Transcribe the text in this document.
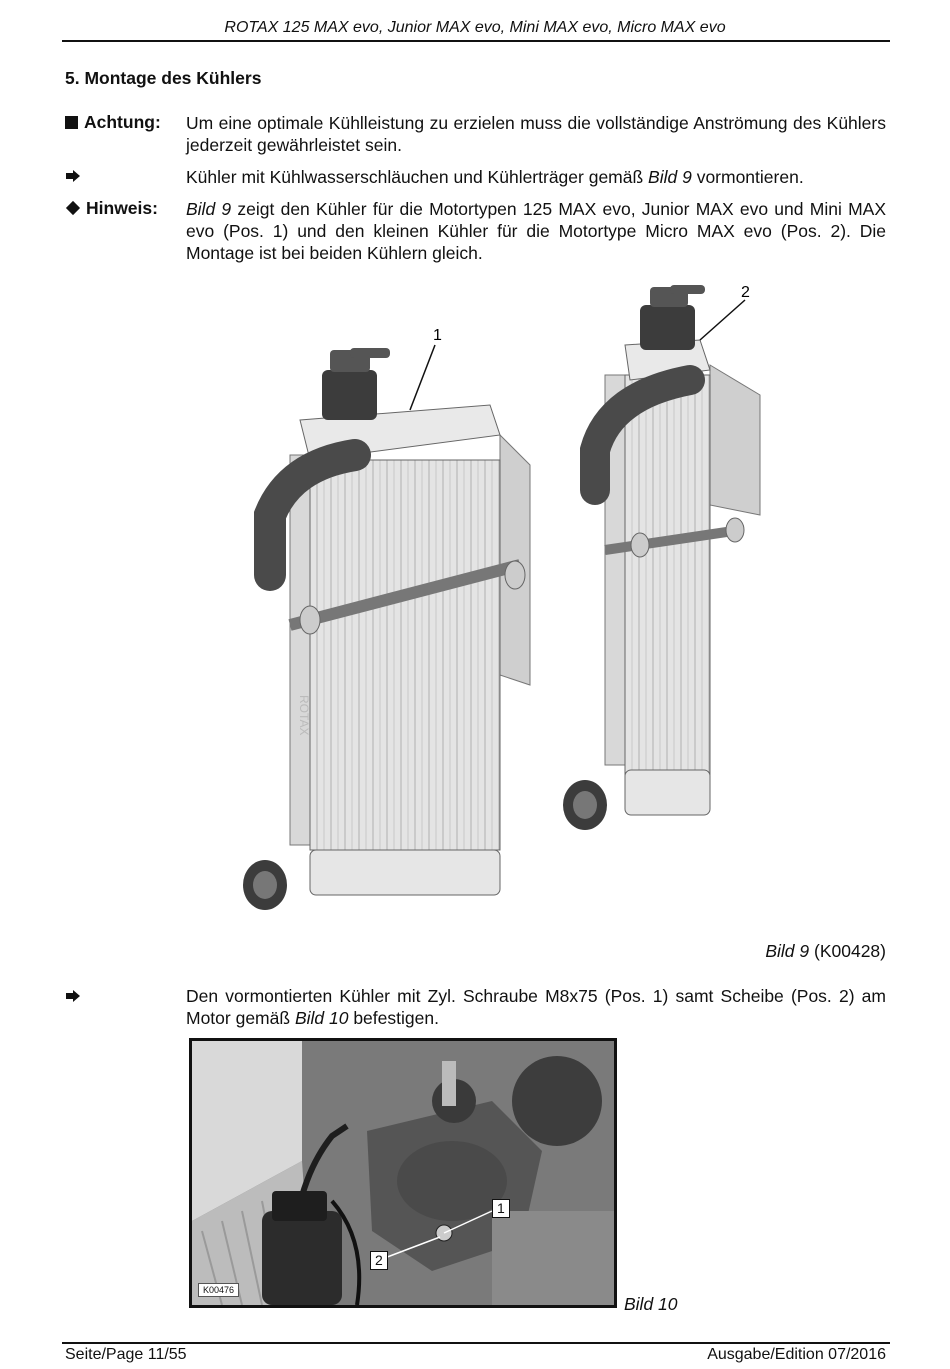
ROTAX 125 MAX evo, Junior MAX evo, Mini MAX evo, Micro MAX evo
5. Montage des Kühlers
Achtung: Um eine optimale Kühlleistung zu erzielen muss die vollständige Anströmung des Kühlers jederzeit gewährleistet sein.
Kühler mit Kühlwasserschläuchen und Kühlerträger gemäß Bild 9 vormontieren.
Hinweis: Bild 9 zeigt den Kühler für die Motortypen 125 MAX evo, Junior MAX evo und Mini MAX evo (Pos. 1) und den kleinen Kühler für die Motortype Micro MAX evo (Pos. 2). Die Montage ist bei beiden Kühlern gleich.
ROTAX
1
2
Bild 9 (K00428)
Den vormontierten Kühler mit Zyl. Schraube M8x75 (Pos. 1) samt Scheibe (Pos. 2) am Motor gemäß Bild 10 befestigen.
1
2
K00476
Bild 10
Seite/Page 11/55	Ausgabe/Edition 07/2016
